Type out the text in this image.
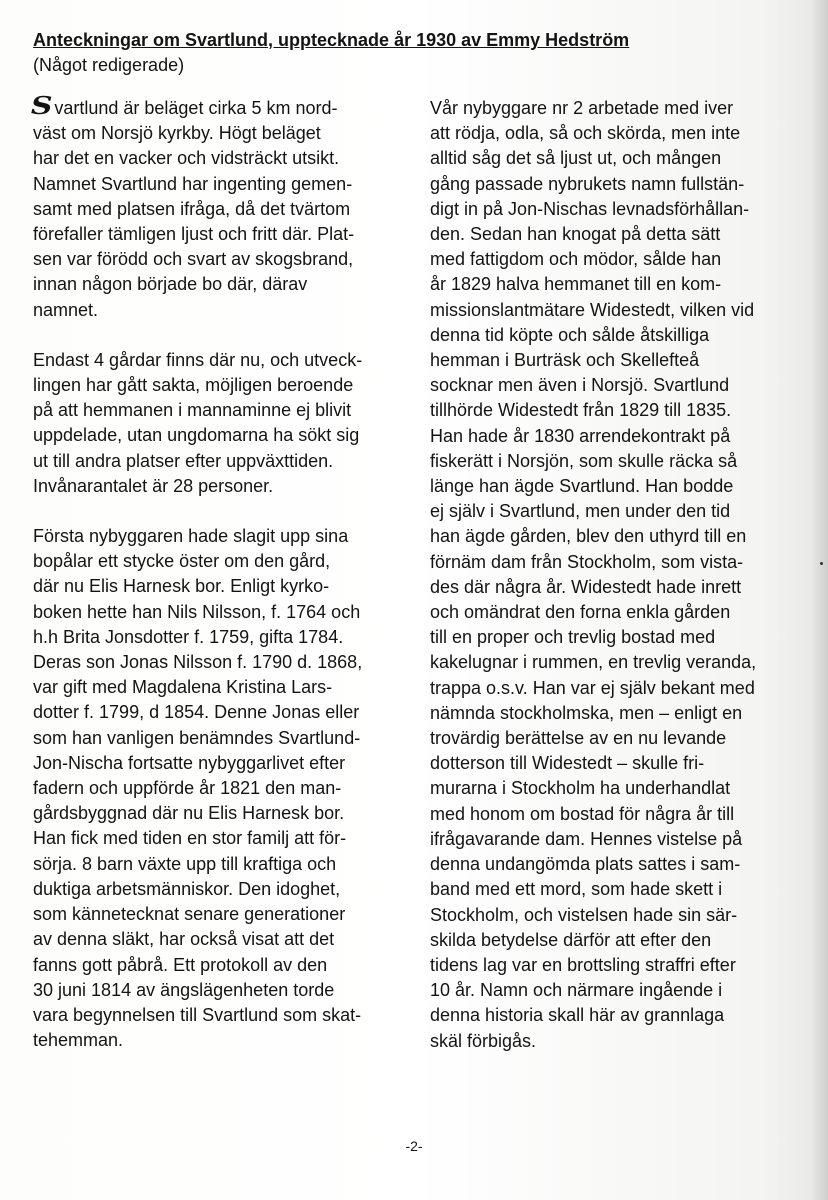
Anteckningar om Svartlund, upptecknade år 1930 av Emmy Hedström
(Något redigerade)
S vartlund är beläget cirka 5 km nord-
väst om Norsjö kyrkby. Högt beläget
har det en vacker och vidsträckt utsikt.
Namnet Svartlund har ingenting gemen-
samt med platsen ifråga, då det tvärtom
förefaller tämligen ljust och fritt där. Plat-
sen var förödd och svart av skogsbrand,
innan någon började bo där, därav
namnet.
Endast 4 gårdar finns där nu, och utveck-
lingen har gått sakta, möjligen beroende
på att hemmanen i mannaminne ej blivit
uppdelade, utan ungdomarna ha sökt sig
ut till andra platser efter uppväxttiden.
Invånarantalet är 28 personer.
Första nybyggaren hade slagit upp sina
bopålar ett stycke öster om den gård,
där nu Elis Harnesk bor. Enligt kyrko-
boken hette han Nils Nilsson, f. 1764 och
h.h Brita Jonsdotter f. 1759, gifta 1784.
Deras son Jonas Nilsson f. 1790 d. 1868,
var gift med Magdalena Kristina Lars-
dotter f. 1799, d 1854. Denne Jonas eller
som han vanligen benämndes Svartlund-
Jon-Nischa fortsatte nybyggarlivet efter
fadern och uppförde år 1821 den man-
gårdsbyggnad där nu Elis Harnesk bor.
Han fick med tiden en stor familj att för-
sörja. 8 barn växte upp till kraftiga och
duktiga arbetsmänniskor. Den idoghet,
som kännetecknat senare generationer
av denna släkt, har också visat att det
fanns gott påbrå. Ett protokoll av den
30 juni 1814 av ängslägenheten torde
vara begynnelsen till Svartlund som skat-
tehemman.
Vår nybyggare nr 2 arbetade med iver
att rödja, odla, så och skörda, men inte
alltid såg det så ljust ut, och mången
gång passade nybrukets namn fullstän-
digt in på Jon-Nischas levnadsförhållan-
den. Sedan han knogat på detta sätt
med fattigdom och mödor, sålde han
år 1829 halva hemmanet till en kom-
missionslantmätare Widestedt, vilken vid
denna tid köpte och sålde åtskilliga
hemman i Burträsk och Skellefteå
socknar men även i Norsjö. Svartlund
tillhörde Widestedt från 1829 till 1835.
Han hade år 1830 arrendekontrakt på
fiskerätt i Norsjön, som skulle räcka så
länge han ägde Svartlund. Han bodde
ej själv i Svartlund, men under den tid
han ägde gården, blev den uthyrd till en
förnäm dam från Stockholm, som vista-
des där några år. Widestedt hade inrett
och omändrat den forna enkla gården
till en proper och trevlig bostad med
kakelugnar i rummen, en trevlig veranda,
trappa o.s.v. Han var ej själv bekant med
nämnda stockholmska, men – enligt en
trovärdig berättelse av en nu levande
dotterson till Widestedt – skulle fri-
murarna i Stockholm ha underhandlat
med honom om bostad för några år till
ifrågavarande dam. Hennes vistelse på
denna undangömda plats sattes i sam-
band med ett mord, som hade skett i
Stockholm, och vistelsen hade sin sär-
skilda betydelse därför att efter den
tidens lag var en brottsling straffri efter
10 år. Namn och närmare ingående i
denna historia skall här av grannlaga
skäl förbigås.
-2-
